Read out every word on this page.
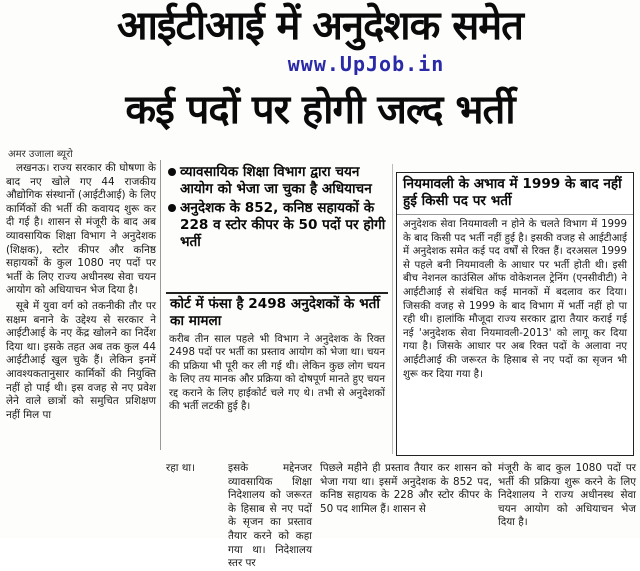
आईटीआई में अनुदेशक समेत
www.UpJob.in
कई पदों पर होगी जल्द भर्ती
अमर उजाला ब्यूरो

लखनऊ। राज्य सरकार की घोषणा के बाद नए खोले गए 44 राजकीय औद्योगिक संस्थानों (आईटीआई) के लिए कार्मिकों की भर्ती की कवायद शुरू कर दी गई है। शासन से मंजूरी के बाद अब व्यावसायिक शिक्षा विभाग ने अनुदेशक (शिक्षक), स्टोर कीपर और कनिष्ठ सहायकों के कुल 1080 नए पदों पर भर्ती के लिए राज्य अधीनस्थ सेवा चयन आयोग को अधियाचन भेज दिया है।

सूबे में युवा वर्ग को तकनीकी तौर पर सक्षम बनाने के उद्देश्य से सरकार ने आईटीआई के नए केंद्र खोलने का निर्देश दिया था। इसके तहत अब तक कुल 44 आईटीआई खुल चुके हैं। लेकिन इनमें आवश्यकतानुसार कार्मिकों की नियुक्ति नहीं हो पाई थी। इस वजह से नए प्रवेश लेने वाले छात्रों को समुचित प्रशिक्षण नहीं मिल पा

व्यावसायिक शिक्षा विभाग द्वारा चयन आयोग को भेजा जा चुका है अधियाचन
अनुदेशक के 852, कनिष्ठ सहायकों के 228 व स्टोर कीपर के 50 पदों पर होगी भर्ती
कोर्ट में फंसा है 2498 अनुदेशकों के भर्ती का मामला
करीब तीन साल पहले भी विभाग ने अनुदेशक के रिक्त 2498 पदों पर भर्ती का प्रस्ताव आयोग को भेजा था। चयन की प्रक्रिया भी पूरी कर ली गई थी। लेकिन कुछ लोग चयन के लिए तय मानक और प्रक्रिया को दोषपूर्ण मानते हुए चयन रद्द कराने के लिए हाईकोर्ट चले गए थे। तभी से अनुदेशकों की भर्ती लटकी हुई है।
नियमावली के अभाव में 1999 के बाद नहीं हुई किसी पद पर भर्ती
अनुदेशक सेवा नियमावली न होने के चलते विभाग में 1999 के बाद किसी पद भर्ती नहीं हुई है। इसकी वजह से आईटीआई में अनुदेशक समेत कई पद वर्षों से रिक्त हैं। दरअसल 1999 से पहले बनी नियमावली के आधार पर भर्ती होती थी। इसी बीच नेशनल काउंसिल ऑफ वोकेशनल ट्रेनिंग (एनसीवीटी) ने आईटीआई से संबंधित कई मानकों में बदलाव कर दिया। जिसकी वजह से 1999 के बाद विभाग में भर्ती नहीं हो पा रही थी। हालांकि मौजूदा राज्य सरकार द्वारा तैयार कराई गई नई 'अनुदेशक सेवा नियमावली-2013' को लागू कर दिया गया है। जिसके आधार पर अब रिक्त पदों के अलावा नए आईटीआई की जरूरत के हिसाब से नए पदों का सृजन भी शुरू कर दिया गया है।
रहा था।	इसके मद्देनजर व्यावसायिक शिक्षा निदेशालय को जरूरत के हिसाब से नए पदों के सृजन का प्रस्ताव तैयार करने को कहा गया था। निदेशालय स्तर पर
पिछले महीने ही प्रस्ताव तैयार कर शासन को भेजा गया था। इसमें अनुदेशक के 852 पद, कनिष्ठ सहायक के 228 और स्टोर कीपर के 50 पद शामिल हैं। शासन से
मंजूरी के बाद कुल 1080 पदों पर भर्ती की प्रक्रिया शुरू करने के लिए निदेशालय ने राज्य अधीनस्थ सेवा चयन आयोग को अधियाचन भेज दिया है।
